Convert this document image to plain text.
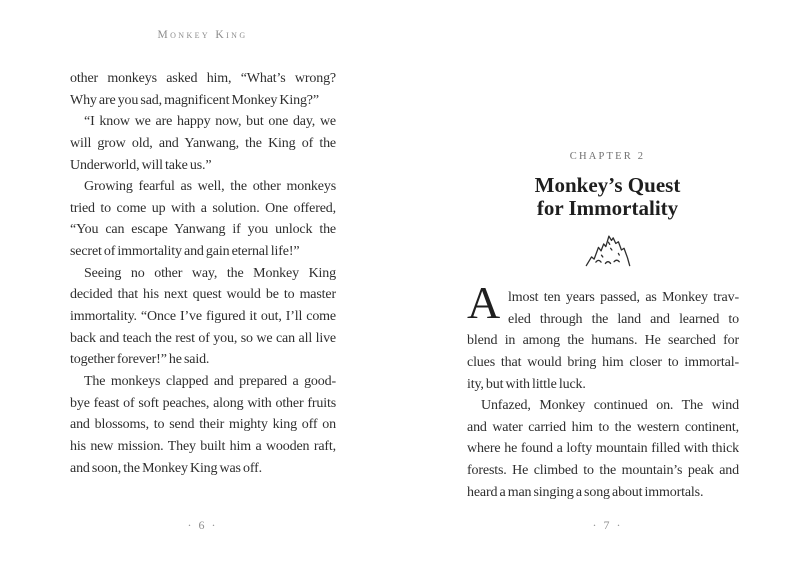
Monkey King
other monkeys asked him, “What’s wrong?
Why are you sad, magnificent Monkey King?”
“I know we are happy now, but one day, we
will grow old, and Yanwang, the King of the
Underworld, will take us.”
Growing fearful as well, the other monkeys
tried to come up with a solution. One offered,
“You can escape Yanwang if you unlock the
secret of immortality and gain eternal life!”
Seeing no other way, the Monkey King
decided that his next quest would be to master
immortality. “Once I’ve figured it out, I’ll come
back and teach the rest of you, so we can all live
together forever!” he said.
The monkeys clapped and prepared a good-
bye feast of soft peaches, along with other fruits
and blossoms, to send their mighty king off on
his new mission. They built him a wooden raft,
and soon, the Monkey King was off.
· 6 ·
CHAPTER 2
Monkey’s Quest
for Immortality
A lmost ten years passed, as Monkey trav-
eled through the land and learned to
blend in among the humans. He searched for
clues that would bring him closer to immortal-
ity, but with little luck.
Unfazed, Monkey continued on. The wind
and water carried him to the western continent,
where he found a lofty mountain filled with thick
forests. He climbed to the mountain’s peak and
heard a man singing a song about immortals.
· 7 ·
